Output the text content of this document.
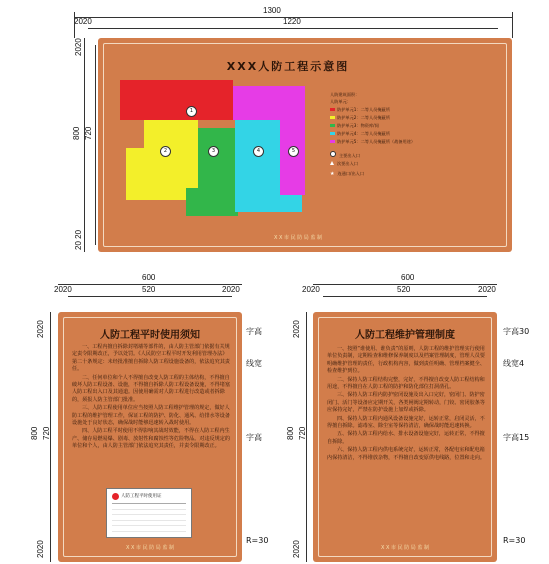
1300
1220
2020
2020
800 720
20 20
XXX人防工程示意图
1
2	3	4	5
人防建筑面积：
人防单元：
防护单元1：二等人员掩蔽所
防护单元2：二等人员掩蔽所
防护单元3：物资库/间
防护单元4：二等人员掩蔽所
防护单元5：二等人员掩蔽所（战备用途）
主要出入口
次要出入口
★ 连通口/出入口
X X 市 民 防 局 监 制
600
2020	520	2020
2020
800 720
2020
人防工程平时使用须知

一、工程内擅自拆除封堵墙等部件的，由人防主管部门依据有关规定责令限期改正，予以处罚。《人民防空工程平时开发利用管理办法》第二十条规定：未经批准擅自拆除人防工程设施设备的，依法追究其责任。

二、任何单位和个人不得擅自改变人防工程的主体结构，不得擅自破坏人防工程设备、设施，不得擅自拆除人防工程设备设施，不得堵塞人防工程出入口及其通道。因使用确需对人防工程进行改造或者拆除的，须报人防主管部门批准。

三、人防工程使用单位应当按照人防工程维护管理的规定，做好人防工程的维护管理工作，保证工程的防护、防化、通风、给排水等设备设施处于良好状态，确保战时能够迅速转入战时使用。

四、人防工程平时使用不得影响其战时效能，不得在人防工程内生产、储存易燃易爆、剧毒、放射性和腐蚀性等危险物品。对违反规定的单位和个人，由人防主管部门依法追究其责任，并责令限期改正。

人防工程平时使用证
X X 市 民 防 局 监 制
字高
线宽
字高
R=30
600
2020	520	2020
2020
800 720
2020
人防工程维护管理制度

一、按照“谁使用、谁负责”的原则，人防工程的维护管理实行使用单位负责制，定期检查和维修保养制度以及档案管理制度，管理人员要明确维护管理的责任，行政机构内容，做到责任明确、管理档案健全、检查维护到位。

二、保持人防工程结构完整，完好，不得擅自改变人防工程结构和用途，不得擅自在人防工程的防护和防化部位打洞凿孔。

三、保持人防工程内防护密闭设施及出入口完好，密闭门、防护密闭门、活门等设备应定期开关，各类闸阀定期转动，门铰、密闭胶条等应保持完好，严禁在防护设施上加焊或拆除。

四、保持人防工程内通风设备设施完好，运转正常，启闭灵活，不得擅自拆除。滤毒室、除尘室等保持清洁，确保战时能迅速转换。

五、保持人防工程内给水、排水设备设施完好，运转正常，不得擅自拆除。

六、保持人防工程内供电系统完好，运转正常，各配电室和配电箱内保持清洁，不得堆放杂物，不得擅自改变原供电线路，位置和走向。

X X 市 民 防 局 监 制
字高30
线宽4
字高15
R=30
